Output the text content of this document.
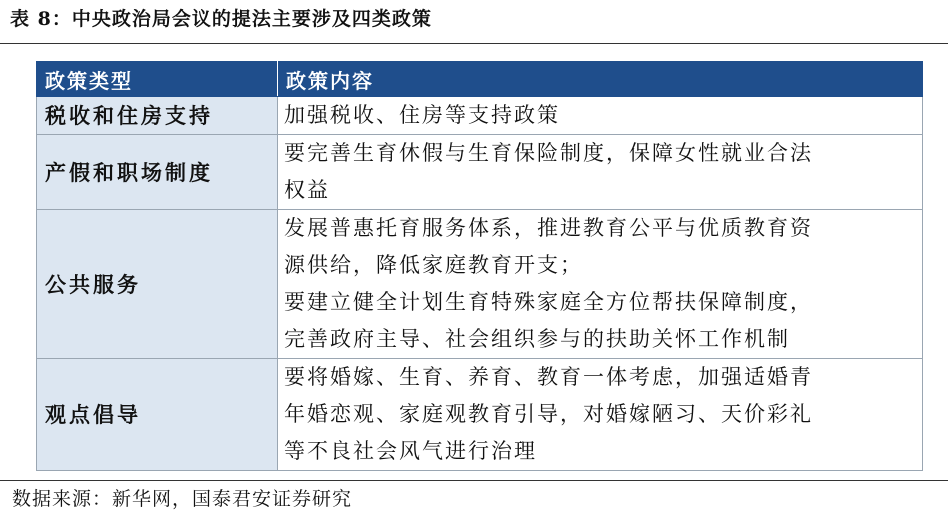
表 8：中央政治局会议的提法主要涉及四类政策
政策类型	政策内容
税收和住房支持	加强税收、住房等支持政策

产假和职场制度	要完善生育休假与生育保险制度，保障女性就业合法
权益

公共服务	发展普惠托育服务体系，推进教育公平与优质教育资
源供给，降低家庭教育开支；
要建立健全计划生育特殊家庭全方位帮扶保障制度，
完善政府主导、社会组织参与的扶助关怀工作机制

观点倡导	要将婚嫁、生育、养育、教育一体考虑，加强适婚青
年婚恋观、家庭观教育引导，对婚嫁陋习、天价彩礼
等不良社会风气进行治理
数据来源：新华网，国泰君安证券研究
